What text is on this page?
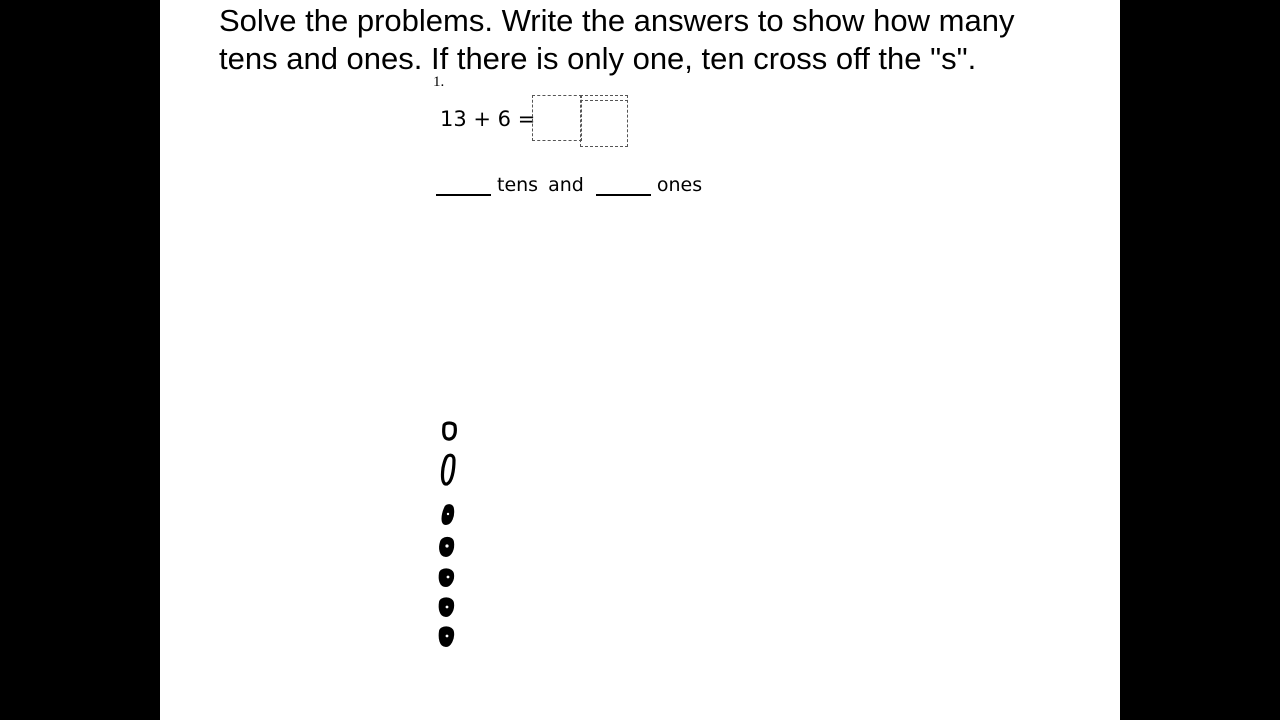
Solve the problems. Write the answers to show how many
tens and ones. If there is only one, ten cross off the "s".

1.
13 + 6 =
tens and	ones
